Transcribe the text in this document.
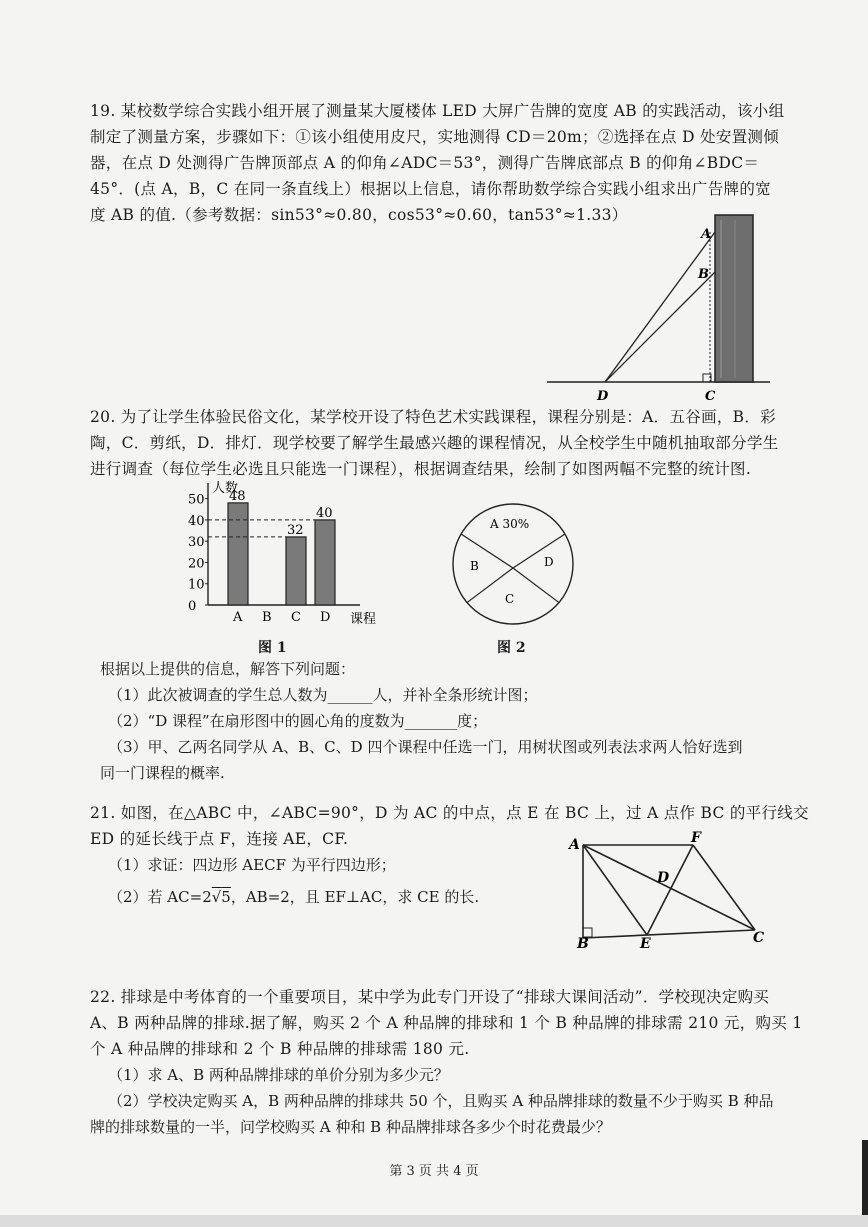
19. 某校数学综合实践小组开展了测量某大厦楼体 LED 大屏广告牌的宽度 AB 的实践活动，该小组
制定了测量方案，步骤如下：①该小组使用皮尺，实地测得 CD＝20m；②选择在点 D 处安置测倾
器，在点 D 处测得广告牌顶部点 A 的仰角∠ADC＝53°，测得广告牌底部点 B 的仰角∠BDC＝
45°．(点 A，B，C 在同一条直线上）根据以上信息，请你帮助数学综合实践小组求出广告牌的宽
度 AB 的值.（参考数据：sin53°≈0.80，cos53°≈0.60，tan53°≈1.33）
A
B
C
D
20. 为了让学生体验民俗文化，某学校开设了特色艺术实践课程，课程分别是：A．五谷画，B．彩
陶，C．剪纸，D．排灯．现学校要了解学生最感兴趣的课程情况，从全校学生中随机抽取部分学生
进行调查（每位学生必选且只能选一门课程），根据调查结果，绘制了如图两幅不完整的统计图.
人数
课程
0
10
20
30
40
50 48
A B
32
C
40
D
图 1
A 30%
B
C
D
图 2
根据以上提供的信息，解答下列问题：
（1）此次被调查的学生总人数为______人，并补全条形统计图；
（2）“D 课程”在扇形图中的圆心角的度数为_______度；
（3）甲、乙两名同学从 A、B、C、D 四个课程中任选一门，用树状图或列表法求两人恰好选到
同一门课程的概率.
21. 如图，在△ABC 中，∠ABC=90°，D 为 AC 的中点，点 E 在 BC 上，过 A 点作 BC 的平行线交
ED 的延长线于点 F，连接 AE，CF.
（1）求证：四边形 AECF 为平行四边形；
（2）若 AC=2√5，AB=2，且 EF⊥AC，求 CE 的长.
A
B	C
D
E
F
22. 排球是中考体育的一个重要项目，某中学为此专门开设了“排球大课间活动”．学校现决定购买
A、B 两种品牌的排球.据了解，购买 2 个 A 种品牌的排球和 1 个 B 种品牌的排球需 210 元，购买 1
个 A 种品牌的排球和 2 个 B 种品牌的排球需 180 元.
（1）求 A、B 两种品牌排球的单价分别为多少元？
（2）学校决定购买 A，B 两种品牌的排球共 50 个，且购买 A 种品牌排球的数量不少于购买 B 种品
牌的排球数量的一半，问学校购买 A 种和 B 种品牌排球各多少个时花费最少？
第 3 页 共 4 页
